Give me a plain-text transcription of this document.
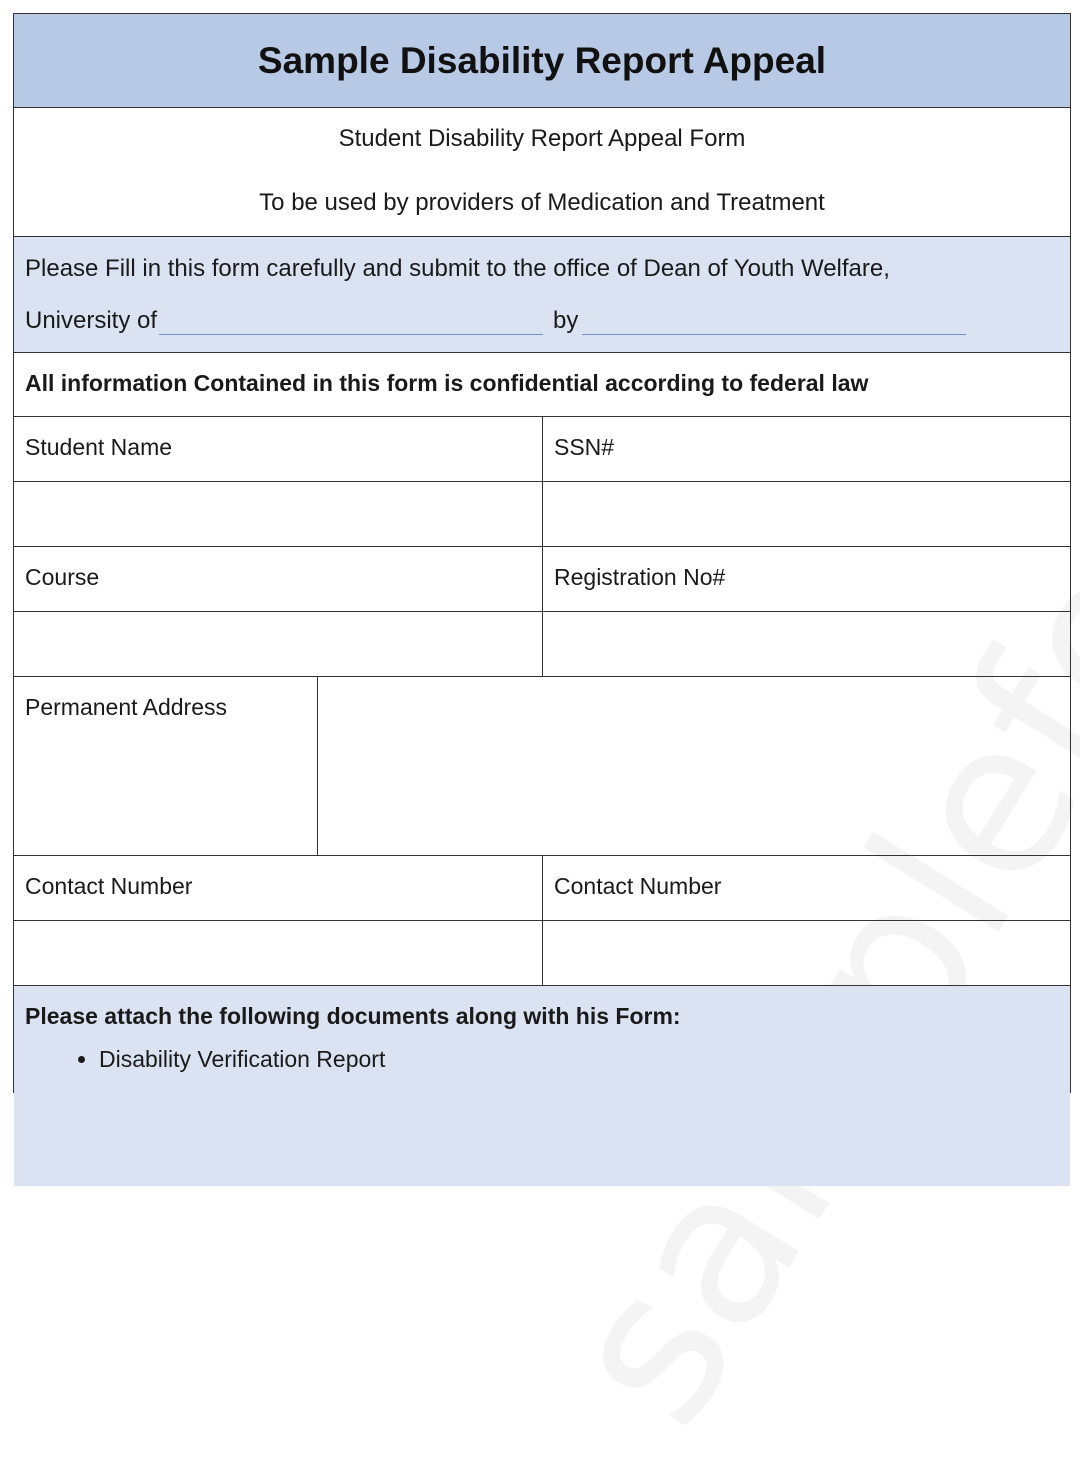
Sample Disability Report Appeal
Student Disability Report Appeal Form
To be used by providers of Medication and Treatment
Please Fill in this form carefully and submit to the office of Dean of Youth Welfare,
University of	by
All information Contained in this form is confidential according to federal law
Student Name	SSN#
Course	Registration No#
Permanent Address
Contact Number	Contact Number
Please attach the following documents along with his Form:
• Disability Verification Report
